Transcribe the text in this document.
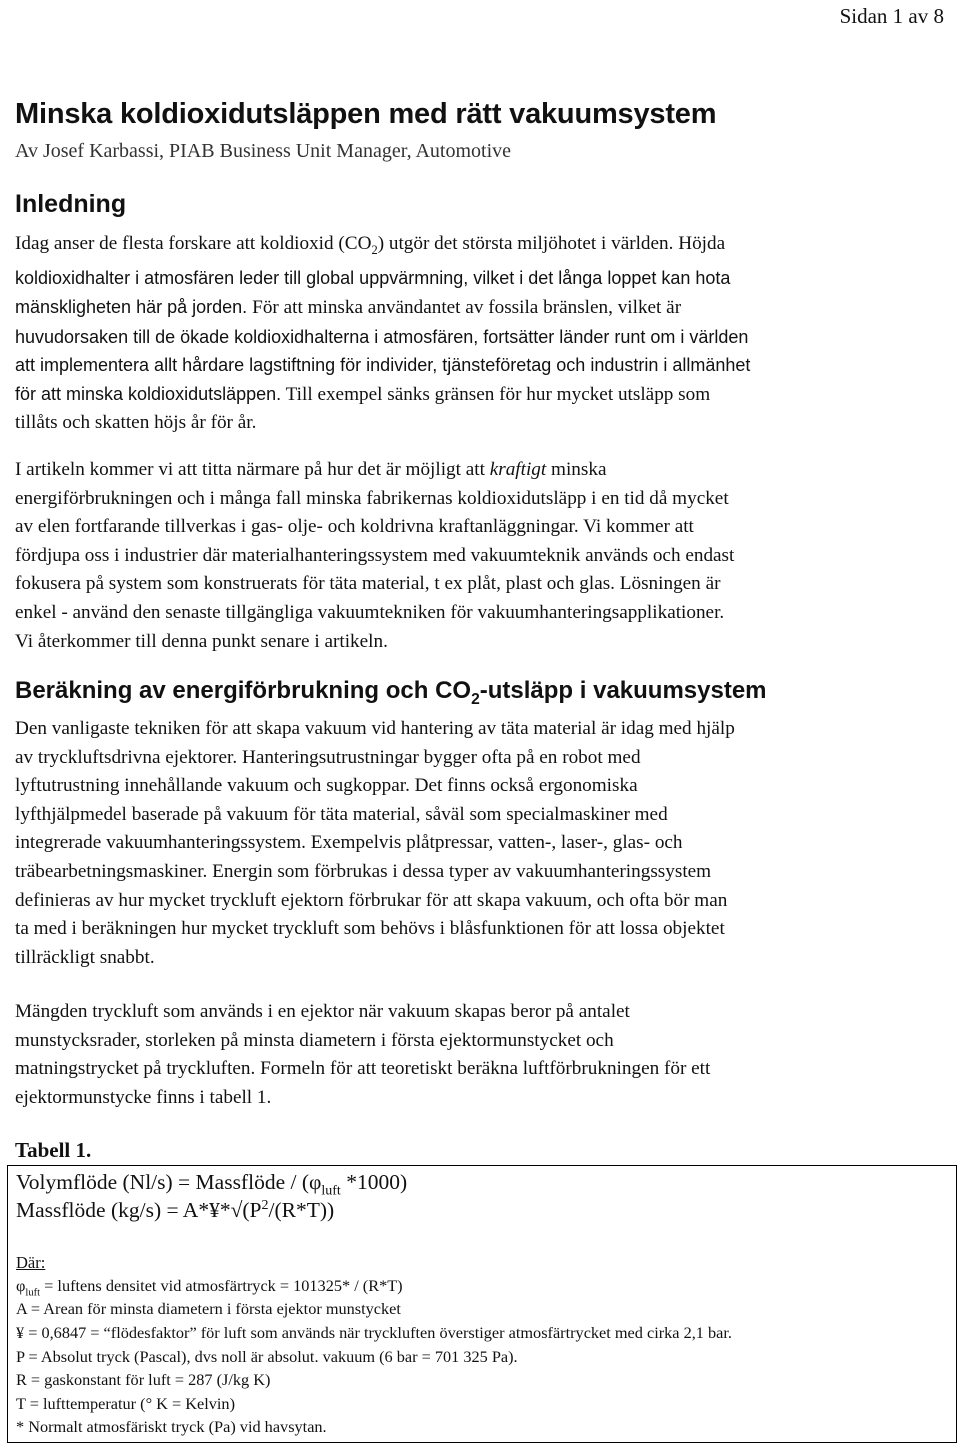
Sidan 1 av 8
Minska koldioxidutsläppen med rätt vakuumsystem
Av Josef Karbassi, PIAB Business Unit Manager, Automotive
Inledning
Idag anser de flesta forskare att koldioxid $(CO_2)$ utgör det största miljöhotet i världen. Höjda
koldioxidhalter i atmosfären leder till global uppvärmning, vilket i det långa loppet kan hota
mänskligheten här på jorden. För att minska användantet av fossila bränslen, vilket är
huvudorsaken till de ökade koldioxidhalterna i atmosfären, fortsätter länder runt om i världen
att implementera allt hårdare lagstiftning för individer, tjänsteföretag och industrin i allmänhet
för att minska koldioxidutsläppen. Till exempel sänks gränsen för hur mycket utsläpp som
tillåts och skatten höjs år för år.
I artikeln kommer vi att titta närmare på hur det är möjligt att kraftigt minska
energiförbrukningen och i många fall minska fabrikernas koldioxidutsläpp i en tid då mycket
av elen fortfarande tillverkas i gas- olje- och koldrivna kraftanläggningar. Vi kommer att
fördjupa oss i industrier där materialhanteringssystem med vakuumteknik används och endast
fokusera på system som konstruerats för täta material, t ex plåt, plast och glas. Lösningen är
enkel - använd den senaste tillgängliga vakuumtekniken för vakuumhanteringsapplikationer.
Vi återkommer till denna punkt senare i artikeln.
Beräkning av energiförbrukning och $CO_2$-utsläpp i vakuumsystem
Den vanligaste tekniken för att skapa vakuum vid hantering av täta material är idag med hjälp
av tryckluftsdrivna ejektorer. Hanteringsutrustningar bygger ofta på en robot med
lyftutrustning innehållande vakuum och sugkoppar. Det finns också ergonomiska
lyfthjälpmedel baserade på vakuum för täta material, såväl som specialmaskiner med
integrerade vakuumhanteringssystem. Exempelvis plåtpressar, vatten-, laser-, glas- och
träbearbetningsmaskiner. Energin som förbrukas i dessa typer av vakuumhanteringssystem
definieras av hur mycket tryckluft ejektorn förbrukar för att skapa vakuum, och ofta bör man
ta med i beräkningen hur mycket tryckluft som behövs i blåsfunktionen för att lossa objektet
tillräckligt snabbt.
Mängden tryckluft som används i en ejektor när vakuum skapas beror på antalet
munstycksrader, storleken på minsta diametern i första ejektormunstycket och
matningstrycket på tryckluften. Formeln för att teoretiskt beräkna luftförbrukningen för ett
ejektormunstycke finns i tabell 1.
Tabell 1.
Volymflöde (Nl/s) = Massflöde / ($\varphi_{luft}$ *1000)
Massflöde $(kg/s) = A*¥*√(P^2/(R*T))$
Där:
$\varphi_{luft}$ = luftens densitet vid atmosfärtryck = 101325* / (R*T)
A = Arean för minsta diametern i första ejektor munstycket
¥ = 0,6847 = “flödesfaktor” för luft som används när tryckluften överstiger atmosfärtrycket med cirka 2,1 bar.
P = Absolut tryck (Pascal), dvs noll är absolut. vakuum (6 bar = 701 325 Pa).
R = gaskonstant för luft = 287 (J/kg K)
T = lufttemperatur (° K = Kelvin)
* Normalt atmosfäriskt tryck (Pa) vid havsytan.
